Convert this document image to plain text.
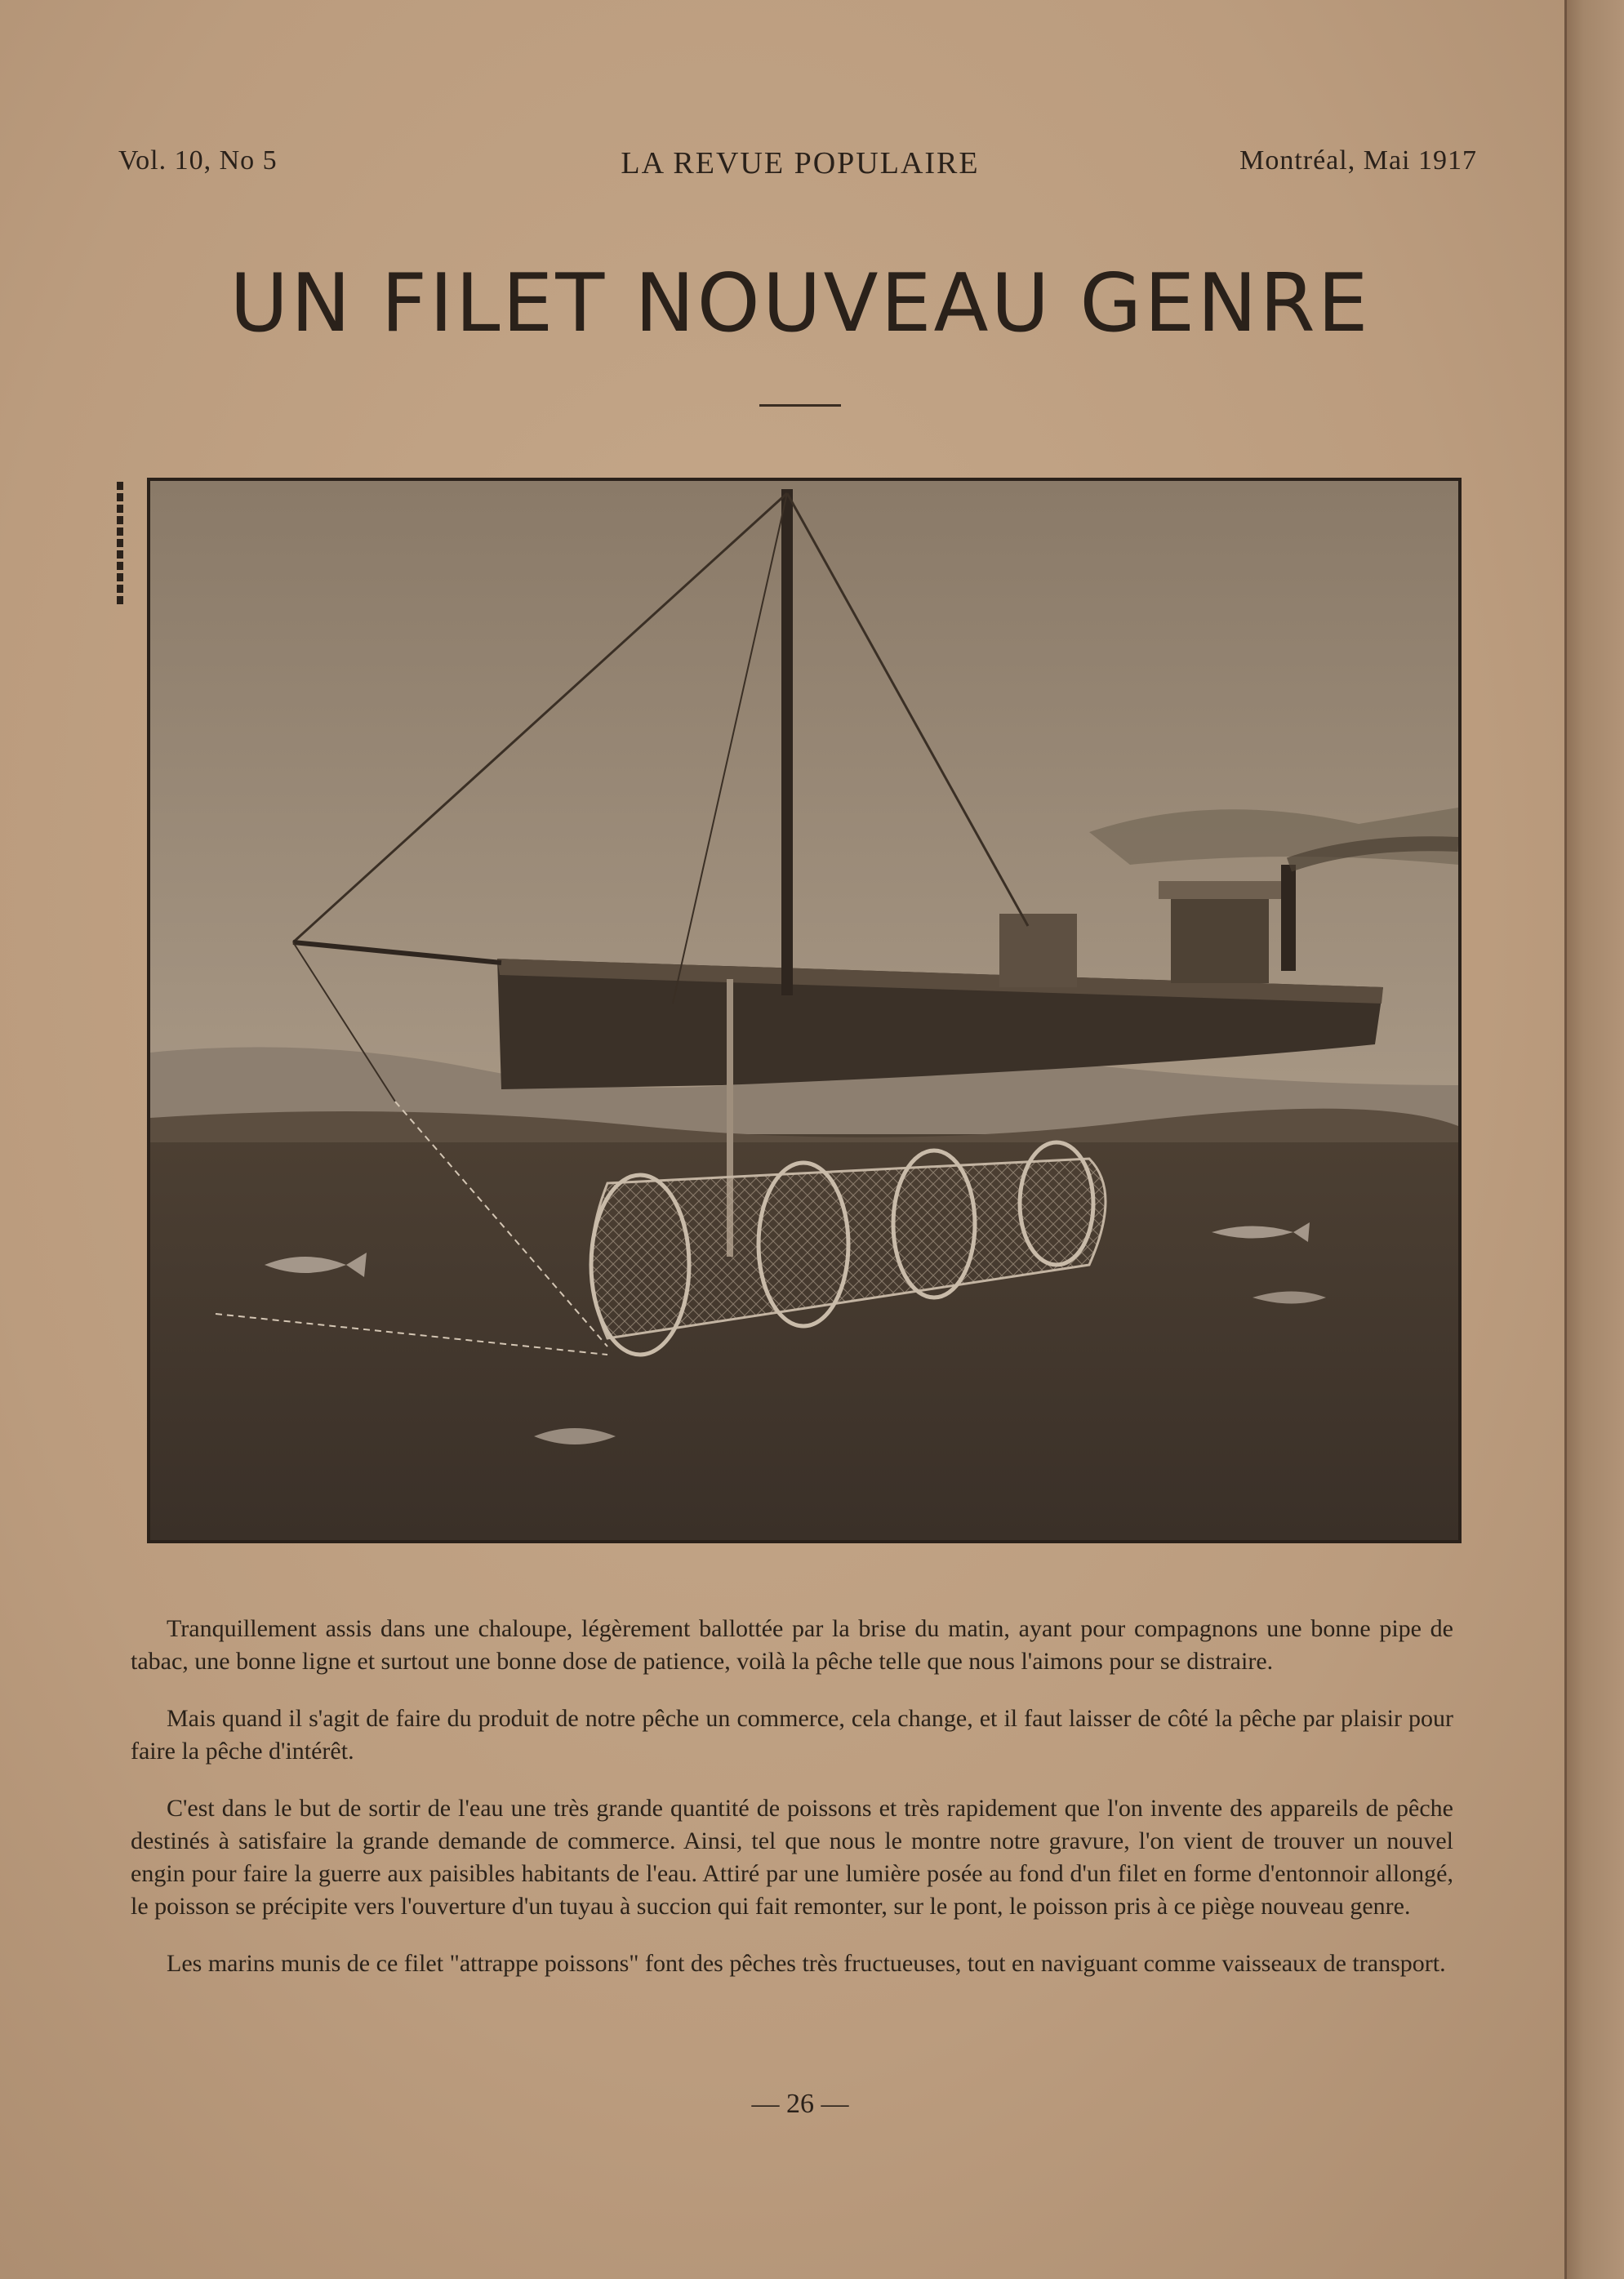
Vol. 10, No 5	LA REVUE POPULAIRE	Montréal, Mai 1917
UN FILET NOUVEAU GENRE

Tranquillement assis dans une chaloupe, légèrement ballottée par la brise du matin, ayant pour compagnons une bonne pipe de tabac, une bonne ligne et surtout une bonne dose de patience, voilà la pêche telle que nous l'aimons pour se distraire.

Mais quand il s'agit de faire du produit de notre pêche un commerce, cela change, et il faut laisser de côté la pêche par plaisir pour faire la pêche d'intérêt.

C'est dans le but de sortir de l'eau une très grande quantité de poissons et très rapidement que l'on invente des appareils de pêche destinés à satisfaire la grande demande de commerce. Ainsi, tel que nous le montre notre gravure, l'on vient de trouver un nouvel engin pour faire la guerre aux paisibles habitants de l'eau. Attiré par une lumière posée au fond d'un filet en forme d'entonnoir allongé, le poisson se précipite vers l'ouverture d'un tuyau à succion qui fait remonter, sur le pont, le poisson pris à ce piège nouveau genre.

Les marins munis de ce filet "attrappe poissons" font des pêches très fructueuses, tout en naviguant comme vaisseaux de transport.

— 26 —
